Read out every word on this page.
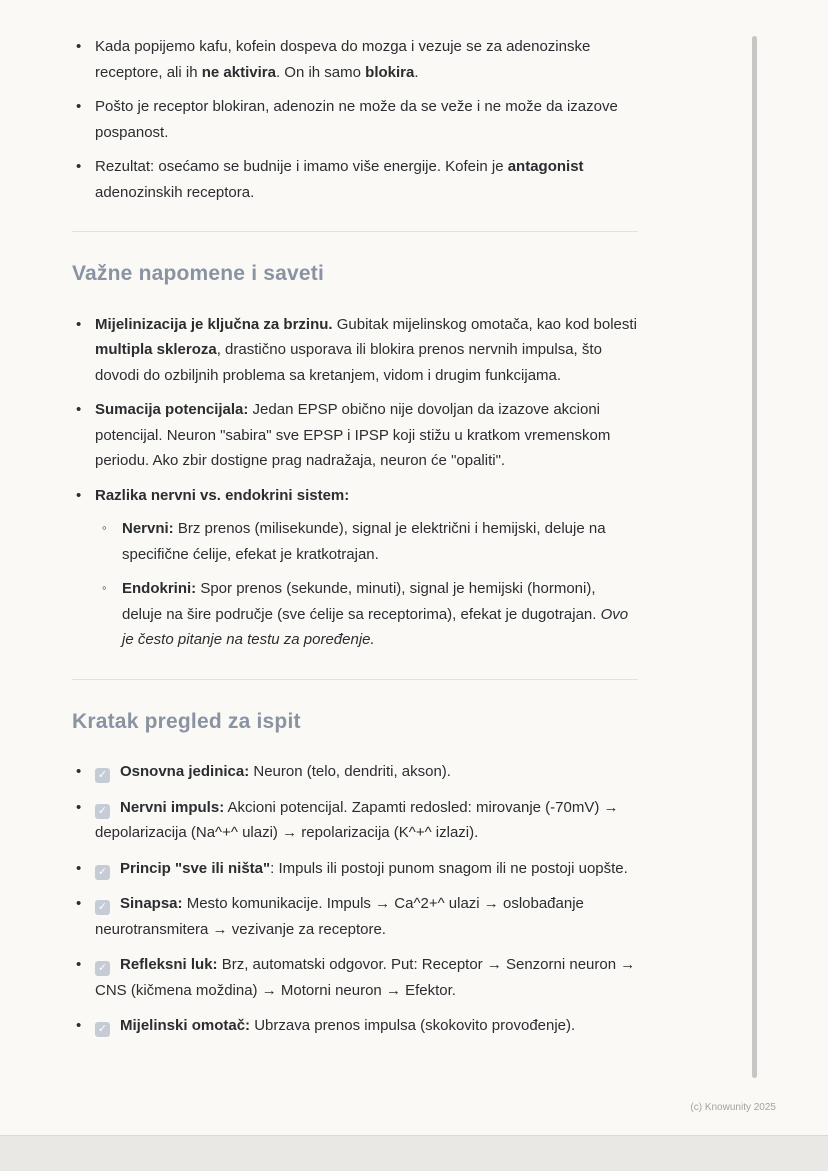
• Kada popijemo kafu, kofein dospeva do mozga i vezuje se za adenozinske receptore, ali ih ne aktivira. On ih samo blokira.
• Pošto je receptor blokiran, adenozin ne može da se veže i ne može da izazove pospanost.
• Rezultat: osećamo se budnije i imamo više energije. Kofein je antagonist adenozinskih receptora.
Važne napomene i saveti
• Mijelinizacija je ključna za brzinu. Gubitak mijelinskog omotača, kao kod bolesti multipla skleroza, drastično usporava ili blokira prenos nervnih impulsa, što dovodi do ozbiljnih problema sa kretanjem, vidom i drugim funkcijama.
• Sumacija potencijala: Jedan EPSP obično nije dovoljan da izazove akcioni potencijal. Neuron "sabira" sve EPSP i IPSP koji stižu u kratkom vremenskom periodu. Ako zbir dostigne prag nadražaja, neuron će "opaliti".
• Razlika nervni vs. endokrini sistem:
◦ Nervni: Brz prenos (milisekunde), signal je električni i hemijski, deluje na specifične ćelije, efekat je kratkotrajan.
◦ Endokrini: Spor prenos (sekunde, minuti), signal je hemijski (hormoni), deluje na šire područje (sve ćelije sa receptorima), efekat je dugotrajan. Ovo je često pitanje na testu za poređenje.
Kratak pregled za ispit
• ✓ Osnovna jedinica: Neuron (telo, dendriti, akson).
• ✓ Nervni impuls: Akcioni potencijal. Zapamti redosled: mirovanje (-70mV) → depolarizacija (Na^+^ ulazi) → repolarizacija (K^+^ izlazi).
• ✓ Princip "sve ili ništa": Impuls ili postoji punom snagom ili ne postoji uopšte.
• ✓ Sinapsa: Mesto komunikacije. Impuls → Ca^2+^ ulazi → oslobađanje neurotransmitera → vezivanje za receptore.
• ✓ Refleksni luk: Brz, automatski odgovor. Put: Receptor → Senzorni neuron → CNS (kičmena moždina) → Motorni neuron → Efektor.
• ✓ Mijelinski omotač: Ubrzava prenos impulsa (skokovito provođenje).
(c) Knowunity 2025
